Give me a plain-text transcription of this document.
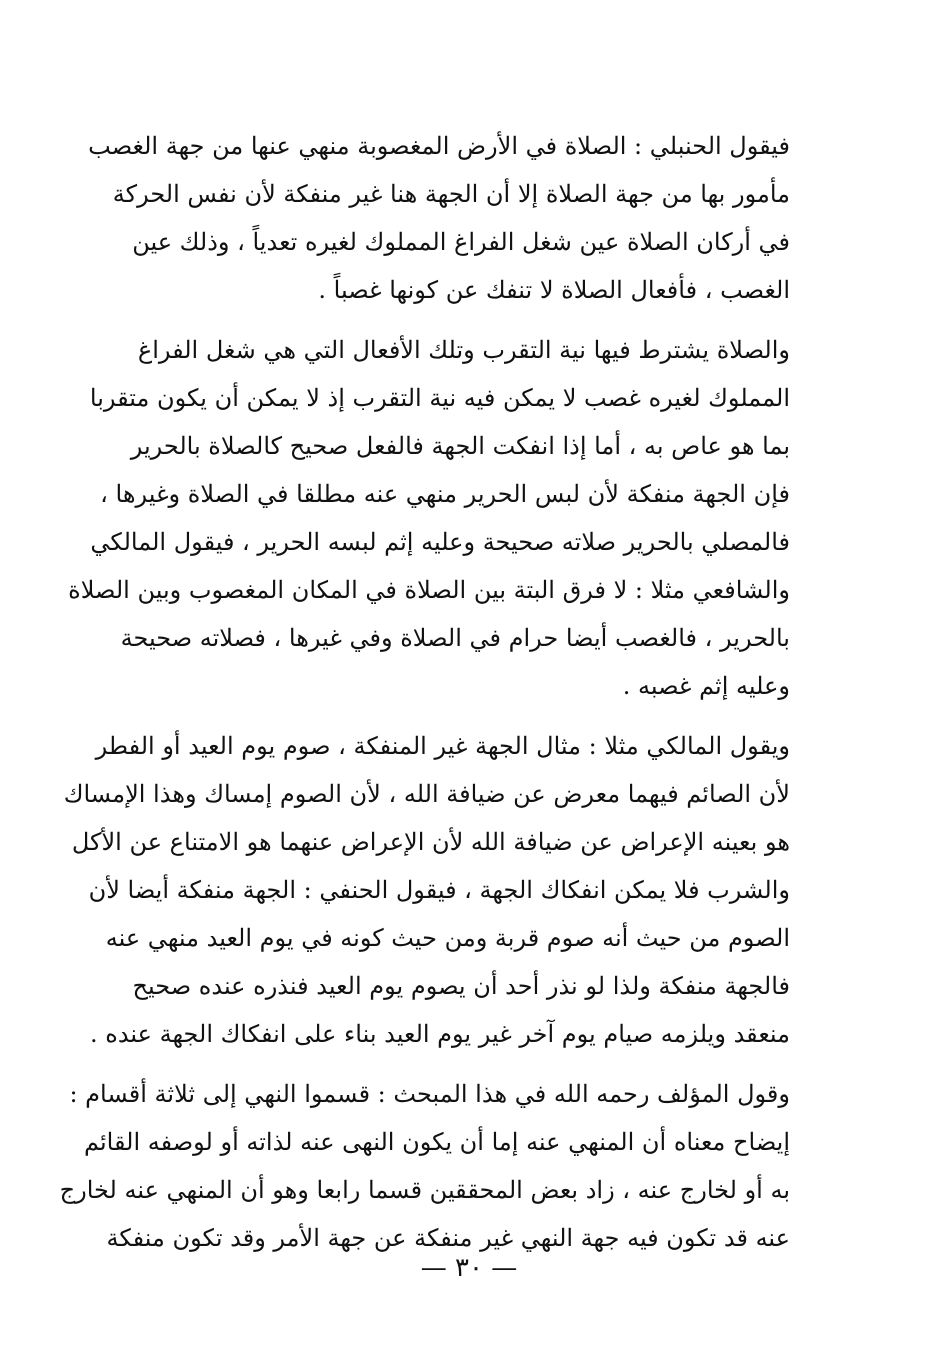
فيقول الحنبلي : الصلاة في الأرض المغصوبة منهي عنها من جهة الغصب
مأمور بها من جهة الصلاة إلا أن الجهة هنا غير منفكة لأن نفس الحركة
في أركان الصلاة عين شغل الفراغ المملوك لغيره تعدياً ، وذلك عين
الغصب ، فأفعال الصلاة لا تنفك عن كونها غصباً .
والصلاة يشترط فيها نية التقرب وتلك الأفعال التي هي شغل الفراغ
المملوك لغيره غصب لا يمكن فيه نية التقرب إذ لا يمكن أن يكون متقربا
بما هو عاص به ، أما إذا انفكت الجهة فالفعل صحيح كالصلاة بالحرير
فإن الجهة منفكة لأن لبس الحرير منهي عنه مطلقا في الصلاة وغيرها ،
فالمصلي بالحرير صلاته صحيحة وعليه إثم لبسه الحرير ، فيقول المالكي
والشافعي مثلا : لا فرق البتة بين الصلاة في المكان المغصوب وبين الصلاة
بالحرير ، فالغصب أيضا حرام في الصلاة وفي غيرها ، فصلاته صحيحة
وعليه إثم غصبه .
ويقول المالكي مثلا : مثال الجهة غير المنفكة ، صوم يوم العيد أو الفطر
لأن الصائم فيهما معرض عن ضيافة الله ، لأن الصوم إمساك وهذا الإمساك
هو بعينه الإعراض عن ضيافة الله لأن الإعراض عنهما هو الامتناع عن الأكل
والشرب فلا يمكن انفكاك الجهة ، فيقول الحنفي : الجهة منفكة أيضا لأن
الصوم من حيث أنه صوم قربة ومن حيث كونه في يوم العيد منهي عنه
فالجهة منفكة ولذا لو نذر أحد أن يصوم يوم العيد فنذره عنده صحيح
منعقد ويلزمه صيام يوم آخر غير يوم العيد بناء على انفكاك الجهة عنده .
وقول المؤلف رحمه الله في هذا المبحث : قسموا النهي إلى ثلاثة أقسام :
إيضاح معناه أن المنهي عنه إما أن يكون النهى عنه لذاته أو لوصفه القائم
به أو لخارج عنه ، زاد بعض المحققين قسما رابعا وهو أن المنهي عنه لخارج
عنه قد تكون فيه جهة النهي غير منفكة عن جهة الأمر وقد تكون منفكة
— ٣٠ —
